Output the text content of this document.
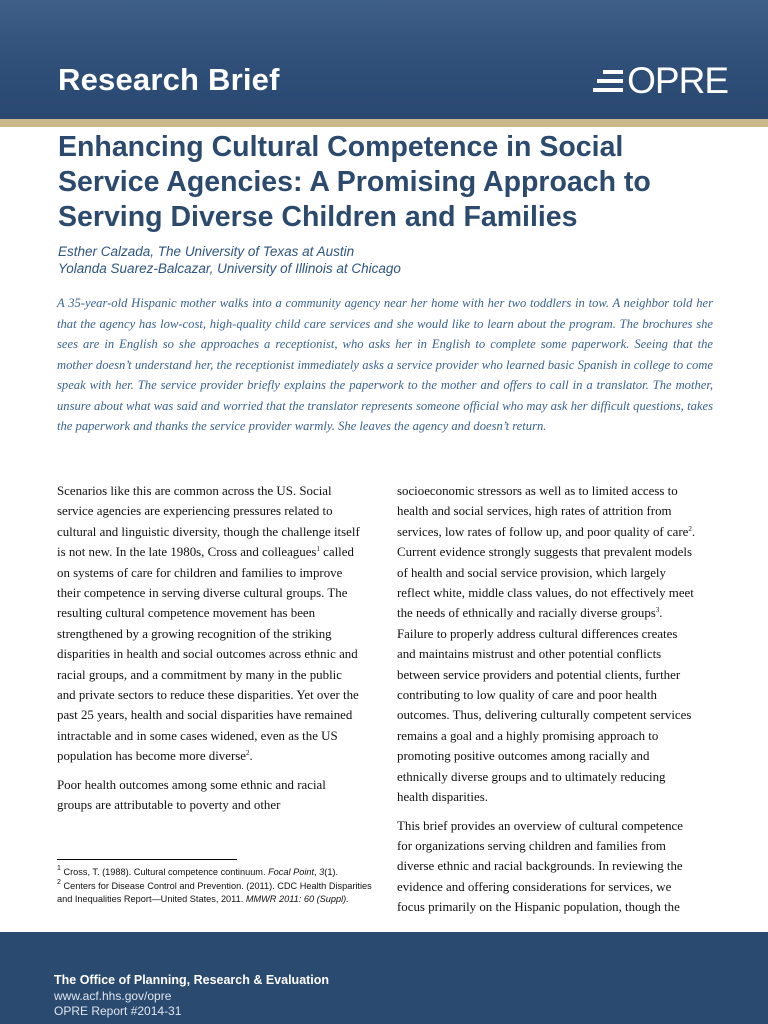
Research Brief	OPRE
Enhancing Cultural Competence in Social
Service Agencies: A Promising Approach to
Serving Diverse Children and Families
Esther Calzada, The University of Texas at Austin
Yolanda Suarez-Balcazar, University of Illinois at Chicago

A 35-year-old Hispanic mother walks into a community agency near her home with her two toddlers in tow. A neighbor told her that the agency has low-cost, high-quality child care services and she would like to learn about the program. The brochures she sees are in English so she approaches a receptionist, who asks her in English to complete some paperwork. Seeing that the mother doesn’t understand her, the receptionist immediately asks a service provider who learned basic Spanish in college to come speak with her. The service provider briefly explains the paperwork to the mother and offers to call in a translator. The mother, unsure about what was said and worried that the translator represents someone official who may ask her difficult questions, takes the paperwork and thanks the service provider warmly. She leaves the agency and doesn’t return.

Scenarios like this are common across the US. Social service agencies are experiencing pressures related to cultural and linguistic diversity, though the challenge itself is not new. In the late 1980s, Cross and colleagues$^1$ called on systems of care for children and families to improve their competence in serving diverse cultural groups. The resulting cultural competence movement has been strengthened by a growing recognition of the striking disparities in health and social outcomes across ethnic and racial groups, and a commitment by many in the public and private sectors to reduce these disparities. Yet over the past 25 years, health and social disparities have remained intractable and in some cases widened, even as the US population has become more diverse$^2$.

Poor health outcomes among some ethnic and racial groups are attributable to poverty and other

socioeconomic stressors as well as to limited access to health and social services, high rates of attrition from services, low rates of follow up, and poor quality of care$^2$. Current evidence strongly suggests that prevalent models of health and social service provision, which largely reflect white, middle class values, do not effectively meet the needs of ethnically and racially diverse groups$^3$. Failure to properly address cultural differences creates and maintains mistrust and other potential conflicts between service providers and potential clients, further contributing to low quality of care and poor health outcomes. Thus, delivering culturally competent services remains a goal and a highly promising approach to promoting positive outcomes among racially and ethnically diverse groups and to ultimately reducing health disparities.

This brief provides an overview of cultural competence for organizations serving children and families from diverse ethnic and racial backgrounds. In reviewing the evidence and offering considerations for services, we focus primarily on the Hispanic population, though the

$^1$ Cross, T. (1988). Cultural competence continuum. Focal Point, 3(1).
$^2$ Centers for Disease Control and Prevention. (2011). CDC Health Disparities and Inequalities Report—United States, 2011. MMWR 2011: 60 (Suppl).
The Office of Planning, Research & Evaluation
www.acf.hhs.gov/opre
OPRE Report #2014-31
